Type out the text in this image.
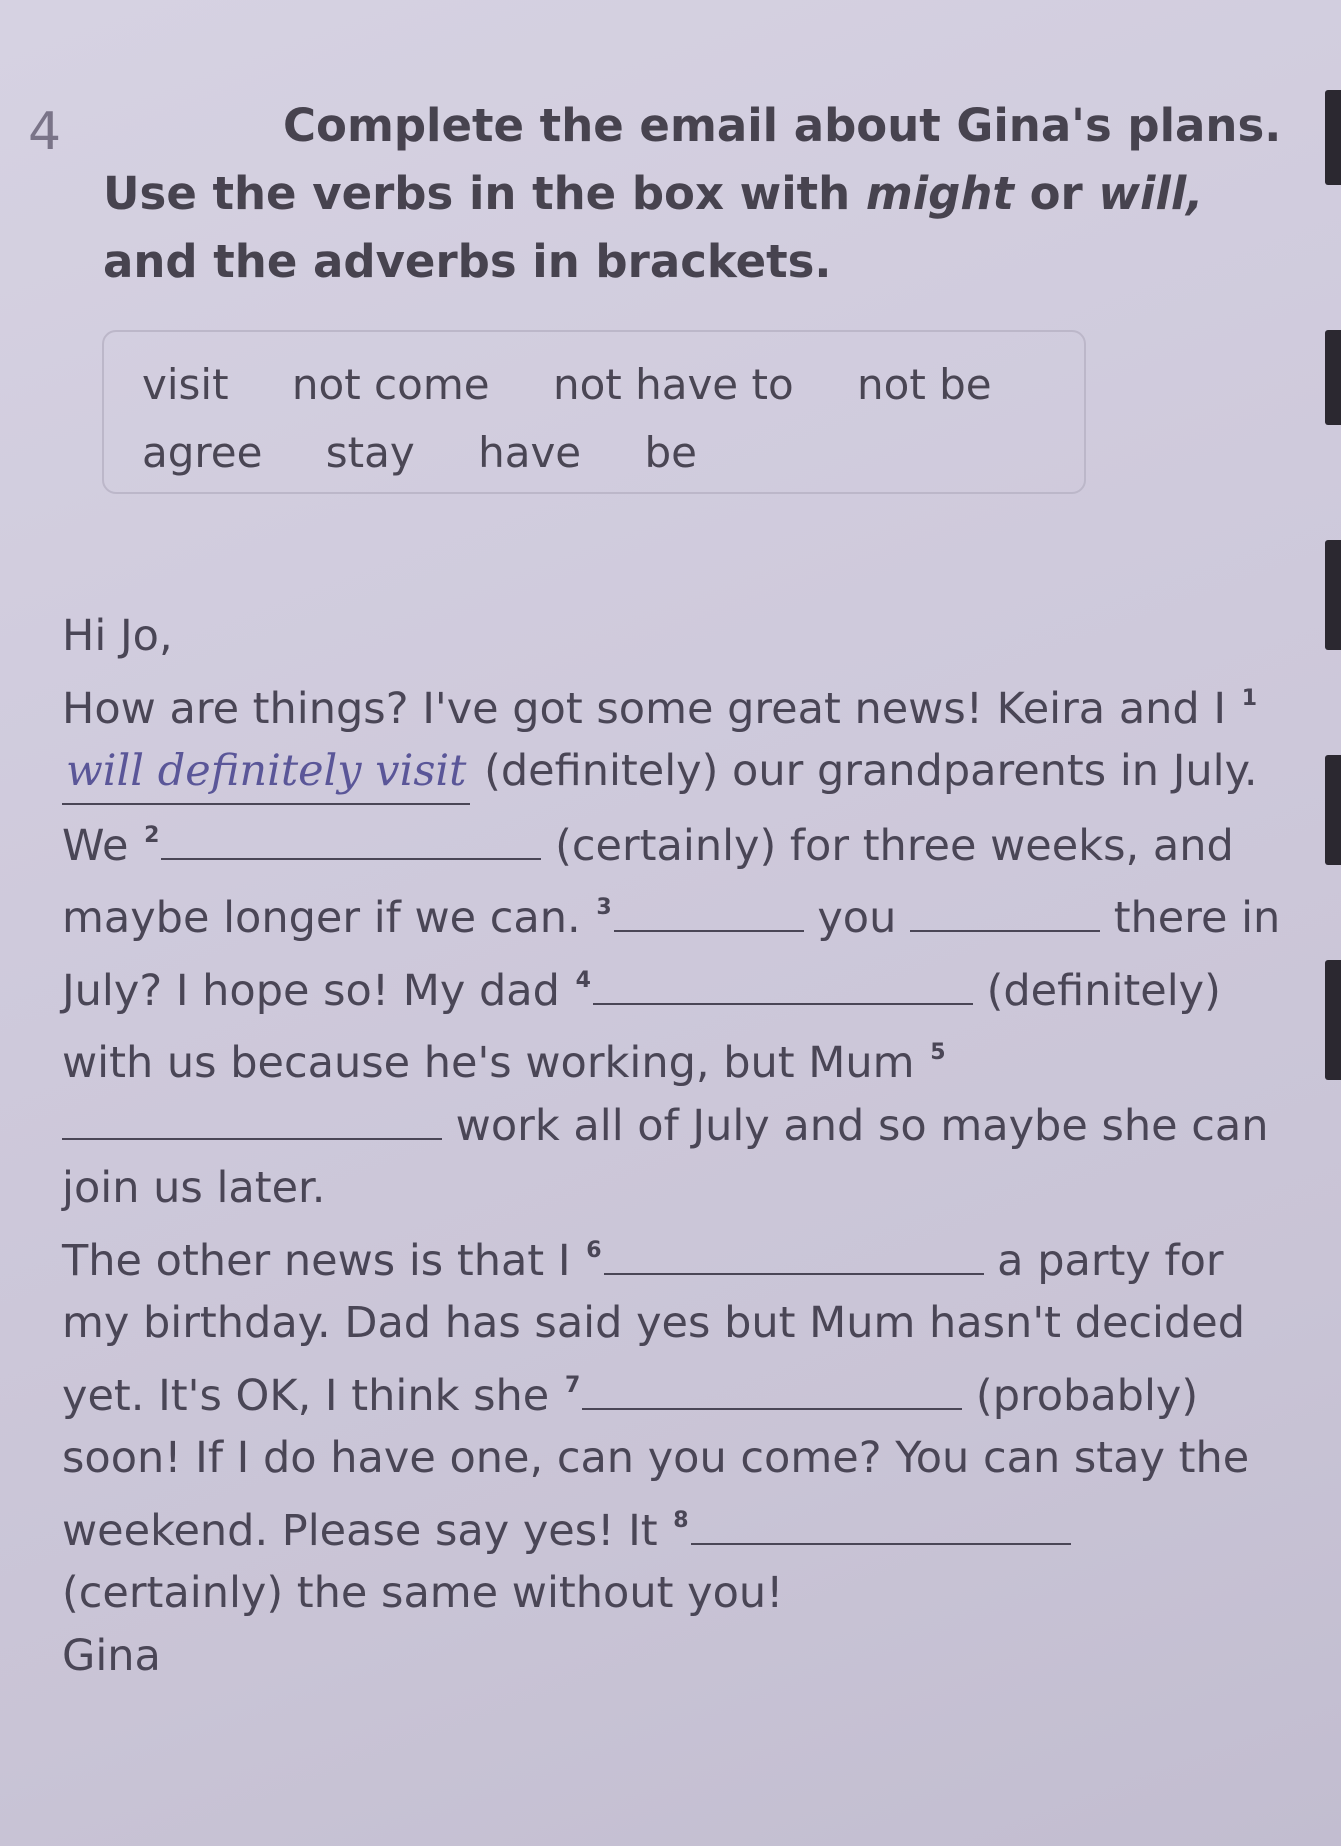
4	Complete the email about Gina's plans.
Use the verbs in the box with might or will,
and the adverbs in brackets.
visit not come not have to not be
agree stay have be

Hi Jo,

How are things? I've got some great news! Keira and I $^1$will definitely visit (definitely) our grandparents in July. We $^2$	(certainly) for three weeks, and maybe longer if we can. $^3$	you	there in July? I hope so! My dad $^4$	(definitely) with us because he's working, but Mum $^5$ work all of July and so maybe she can join us later.

The other news is that I $^6$	a party for my birthday. Dad has said yes but Mum hasn't decided yet. It's OK, I think she $^7$	(probably) soon! If I do have one, can you come? You can stay the weekend. Please say yes! It $^8$ (certainly) the same without you!

Gina
